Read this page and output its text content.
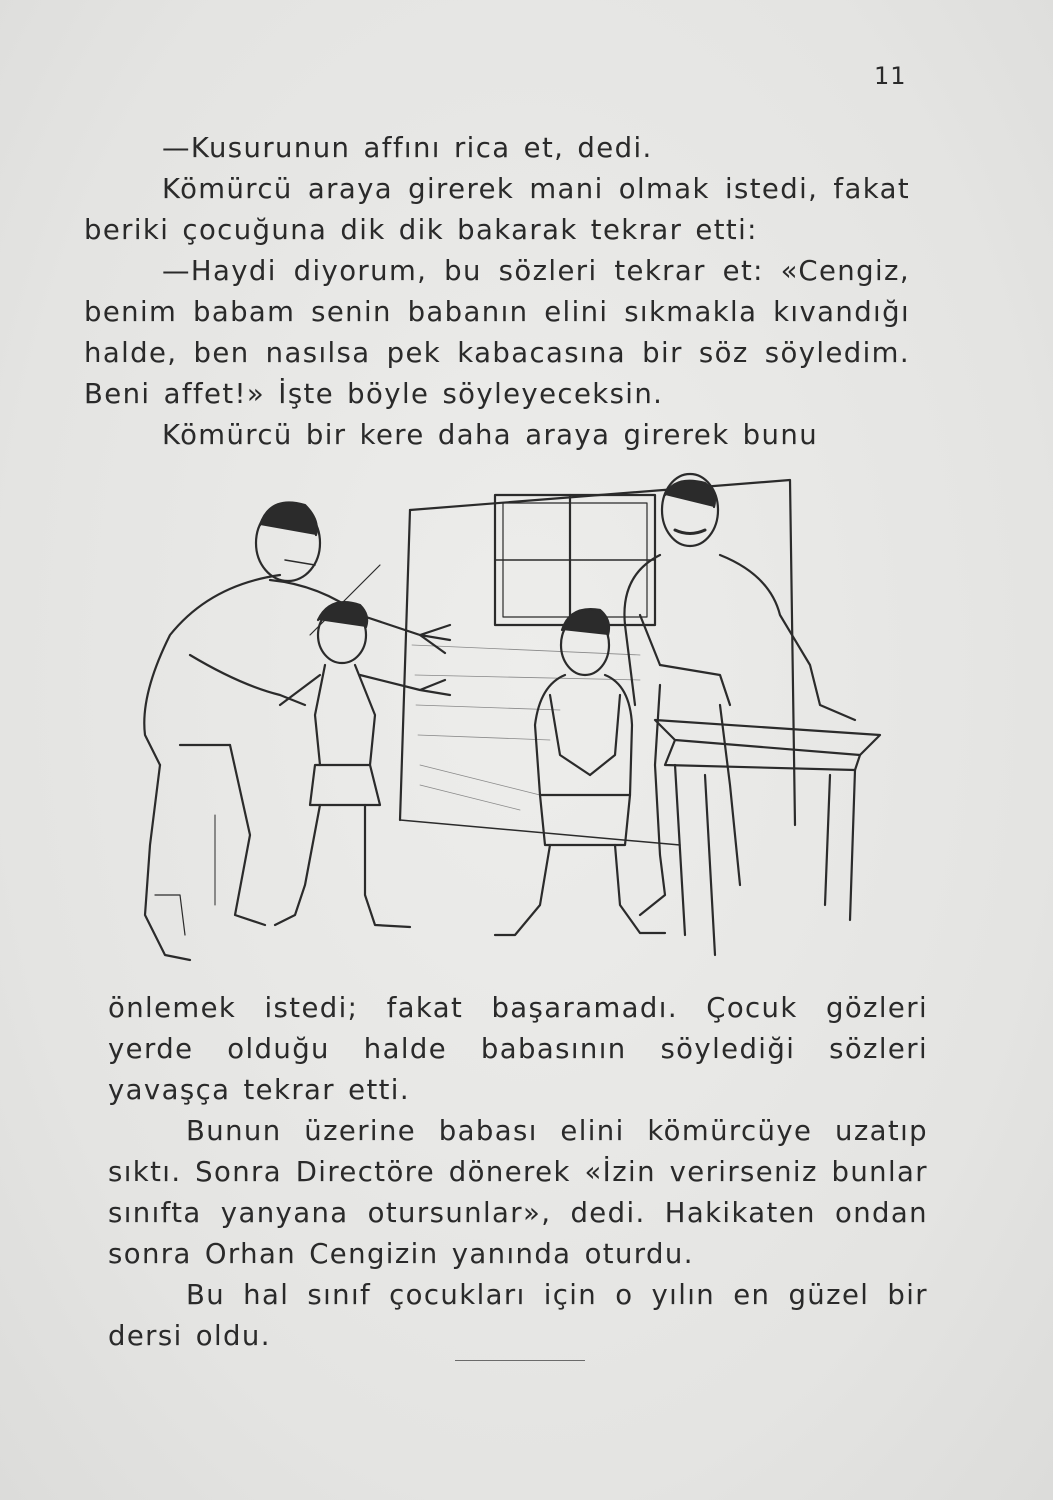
11

—Kusurunun affını rica et, dedi.

Kömürcü araya girerek mani olmak istedi, fakat beriki çocuğuna dik dik bakarak tekrar etti:

—Haydi diyorum, bu sözleri tekrar et: «Cengiz, benim babam senin babanın elini sıkmakla kıvandığı halde, ben nasılsa pek kabacasına bir söz söyledim. Beni affet!» İşte böyle söyleyeceksin.

Kömürcü bir kere daha araya girerek bunu

önlemek istedi; fakat başaramadı. Çocuk gözleri yerde olduğu halde babasının söylediği sözleri yavaşça tekrar etti.

Bunun üzerine babası elini kömürcüye uzatıp sıktı. Sonra Directöre dönerek «İzin verirseniz bunlar sınıfta yanyana otursunlar», dedi. Hakikaten ondan sonra Orhan Cengizin yanında oturdu.

Bu hal sınıf çocukları için o yılın en güzel bir dersi oldu.
